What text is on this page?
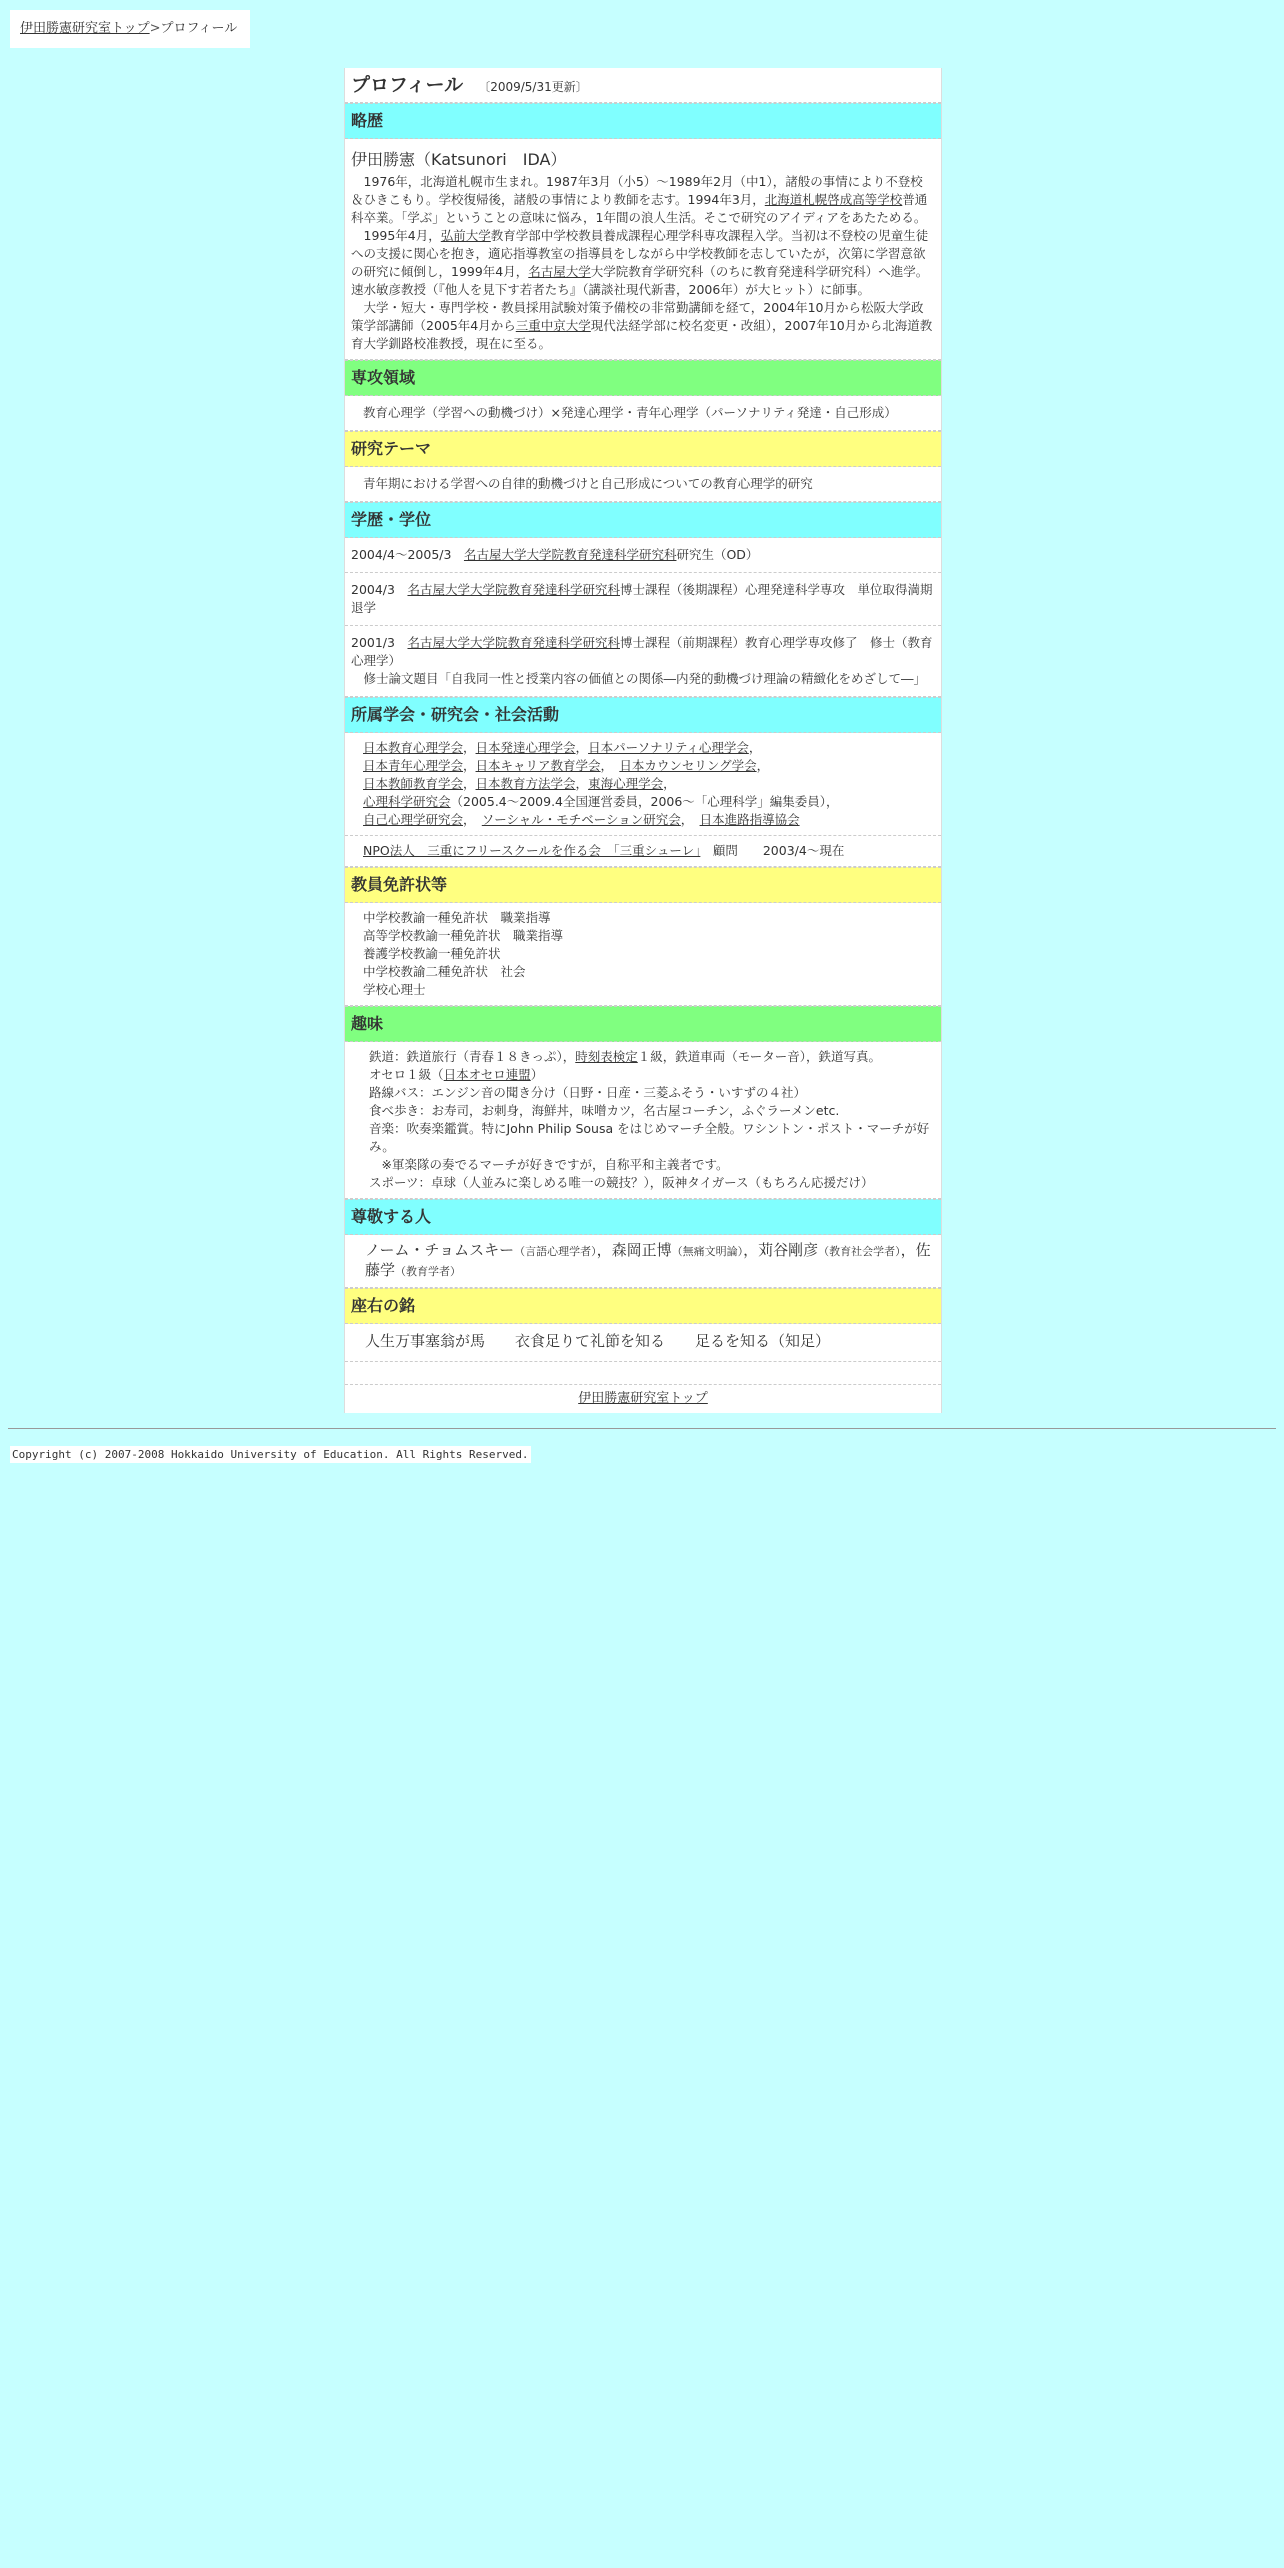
伊田勝憲研究室トップ>プロフィール
プロフィール 〔2009/5/31更新〕
略歴
伊田勝憲（Katsunori　IDA）

　1976年，北海道札幌市生まれ。1987年3月（小5）～1989年2月（中1），諸般の事情により不登校＆ひきこもり。学校復帰後，諸般の事情により教師を志す。1994年3月，北海道札幌啓成高等学校普通科卒業。「学ぶ」ということの意味に悩み，1年間の浪人生活。そこで研究のアイディアをあたためる。

　1995年4月，弘前大学教育学部中学校教員養成課程心理学科専攻課程入学。当初は不登校の児童生徒への支援に関心を抱き，適応指導教室の指導員をしながら中学校教師を志していたが，次第に学習意欲の研究に傾倒し，1999年4月，名古屋大学大学院教育学研究科（のちに教育発達科学研究科）へ進学。速水敏彦教授（『他人を見下す若者たち』（講談社現代新書，2006年）が大ヒット）に師事。

　大学・短大・専門学校・教員採用試験対策予備校の非常勤講師を経て，2004年10月から松阪大学政策学部講師（2005年4月から三重中京大学現代法経学部に校名変更・改組），2007年10月から北海道教育大学釧路校准教授，現在に至る。

専攻領域
教育心理学（学習への動機づけ）×発達心理学・青年心理学（パーソナリティ発達・自己形成）
研究テーマ
青年期における学習への自律的動機づけと自己形成についての教育心理学的研究
学歴・学位
2004/4～2005/3　名古屋大学大学院教育発達科学研究科研究生（OD）
2004/3　名古屋大学大学院教育発達科学研究科博士課程（後期課程）心理発達科学専攻　単位取得満期退学
2001/3　名古屋大学大学院教育発達科学研究科博士課程（前期課程）教育心理学専攻修了　修士（教育心理学）
　修士論文題目「自我同一性と授業内容の価値との関係―内発的動機づけ理論の精緻化をめざして―」
所属学会・研究会・社会活動
日本教育心理学会，日本発達心理学会，日本パーソナリティ心理学会，
日本青年心理学会，日本キャリア教育学会，　日本カウンセリング学会，
日本教師教育学会，日本教育方法学会，東海心理学会，
心理科学研究会（2005.4～2009.4全国運営委員，2006～「心理科学」編集委員），
自己心理学研究会，　ソーシャル・モチベーション研究会，　日本進路指導協会
NPO法人　三重にフリースクールを作る会　「三重シューレ」　顧問　　2003/4～現在
教員免許状等
中学校教諭一種免許状　職業指導
高等学校教諭一種免許状　職業指導
養護学校教諭一種免許状
中学校教諭二種免許状　社会
学校心理士
趣味
鉄道：鉄道旅行（青春１８きっぷ），時刻表検定１級，鉄道車両（モーター音），鉄道写真。
オセロ１級（日本オセロ連盟）
路線バス：エンジン音の聞き分け（日野・日産・三菱ふそう・いすずの４社）
食べ歩き：お寿司，お刺身，海鮮丼，味噌カツ，名古屋コーチン，ふぐラーメンetc.
音楽：吹奏楽鑑賞。特にJohn Philip Sousa をはじめマーチ全般。ワシントン・ポスト・マーチが好み。
　※軍楽隊の奏でるマーチが好きですが，自称平和主義者です。
スポーツ：卓球（人並みに楽しめる唯一の競技？），阪神タイガース（もちろん応援だけ）
尊敬する人
ノーム・チョムスキー（言語心理学者），森岡正博（無痛文明論），苅谷剛彦（教育社会学者），佐藤学（教育学者）
座右の銘
人生万事塞翁が馬　　衣食足りて礼節を知る　　足るを知る（知足）
伊田勝憲研究室トップ
Copyright (c) 2007-2008 Hokkaido University of Education. All Rights Reserved.
